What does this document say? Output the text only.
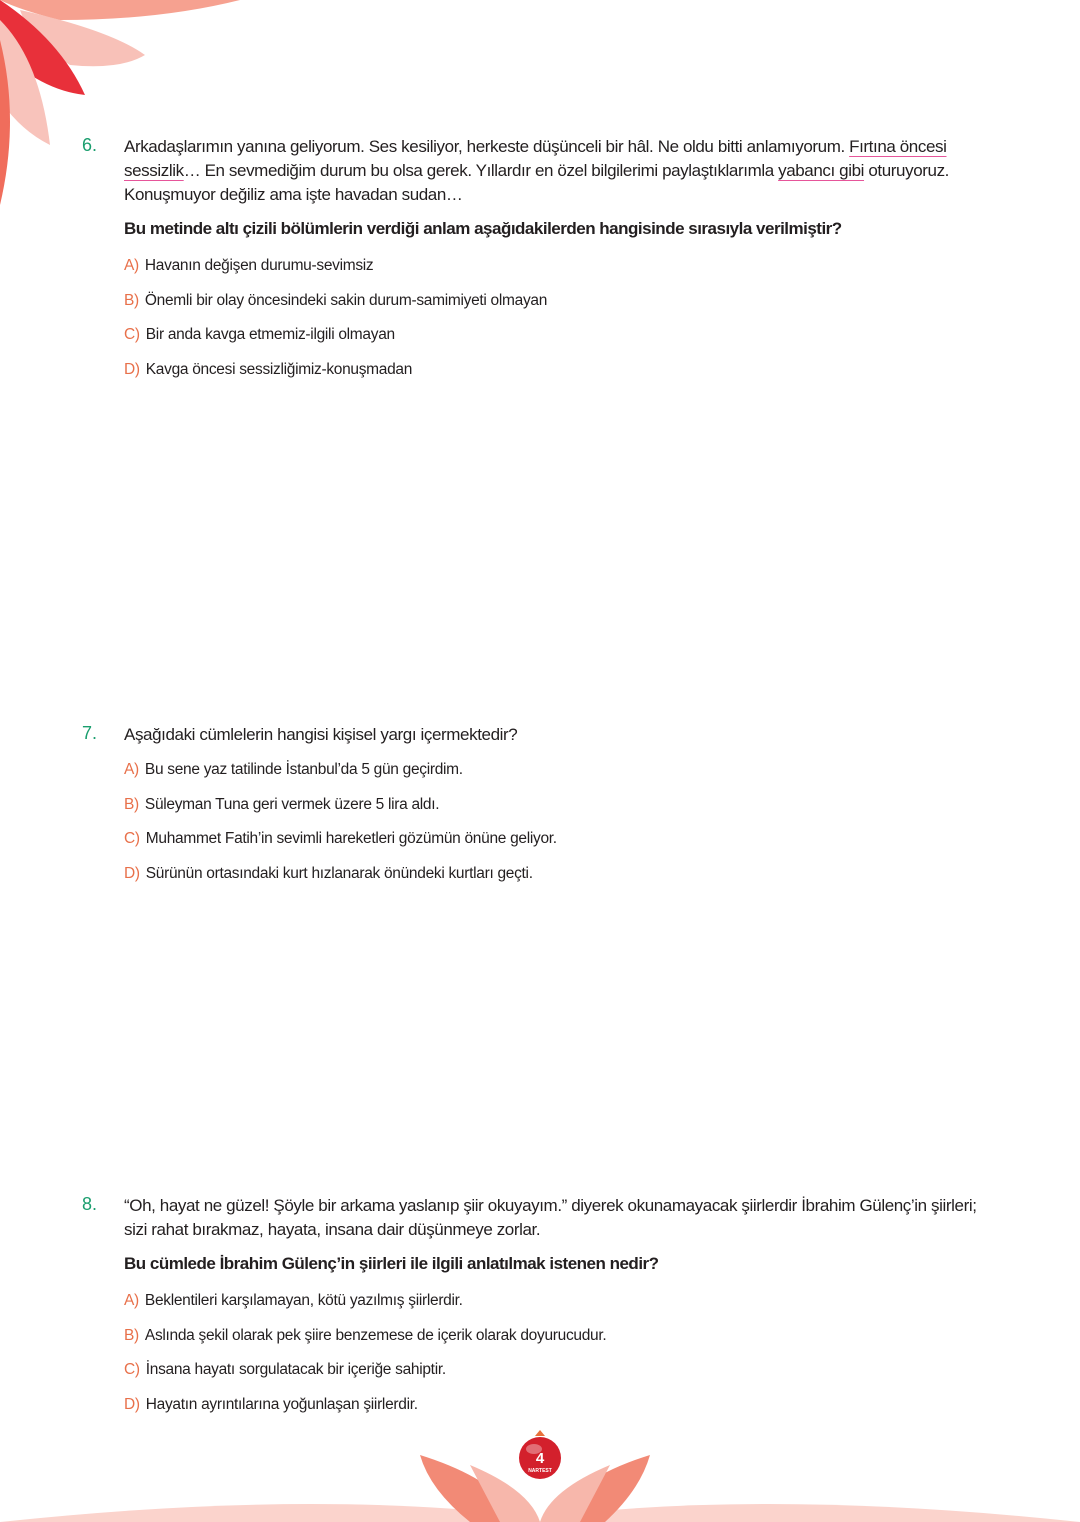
6. Arkadaşlarımın yanına geliyorum. Ses kesiliyor, herkeste düşünceli bir hâl. Ne oldu bitti anlamıyorum. Fırtına öncesi sessizlik… En sevmediğim durum bu olsa gerek. Yıllardır en özel bilgilerimi paylaştıklarımla yabancı gibi oturuyoruz. Konuşmuyor değiliz ama işte havadan sudan…
Bu metinde altı çizili bölümlerin verdiği anlam aşağıdakilerden hangisinde sırasıyla verilmiştir?
A) Havanın değişen durumu-sevimsiz
B) Önemli bir olay öncesindeki sakin durum-samimiyeti olmayan
C) Bir anda kavga etmemiz-ilgili olmayan
D) Kavga öncesi sessizliğimiz-konuşmadan
7. Aşağıdaki cümlelerin hangisi kişisel yargı içermektedir?
A) Bu sene yaz tatilinde İstanbul’da 5 gün geçirdim.
B) Süleyman Tuna geri vermek üzere 5 lira aldı.
C) Muhammet Fatih’in sevimli hareketleri gözümün önüne geliyor.
D) Sürünün ortasındaki kurt hızlanarak önündeki kurtları geçti.
8. “Oh, hayat ne güzel! Şöyle bir arkama yaslanıp şiir okuyayım.” diyerek okunamayacak şiirlerdir İbrahim Gülenç’in şiirleri; sizi rahat bırakmaz, hayata, insana dair düşünmeye zorlar.
Bu cümlede İbrahim Gülenç’in şiirleri ile ilgili anlatılmak istenen nedir?
A) Beklentileri karşılamayan, kötü yazılmış şiirlerdir.
B) Aslında şekil olarak pek şiire benzemese de içerik olarak doyurucudur.
C) İnsana hayatı sorgulatacak bir içeriğe sahiptir.
D) Hayatın ayrıntılarına yoğunlaşan şiirlerdir.
4
NARTEST
